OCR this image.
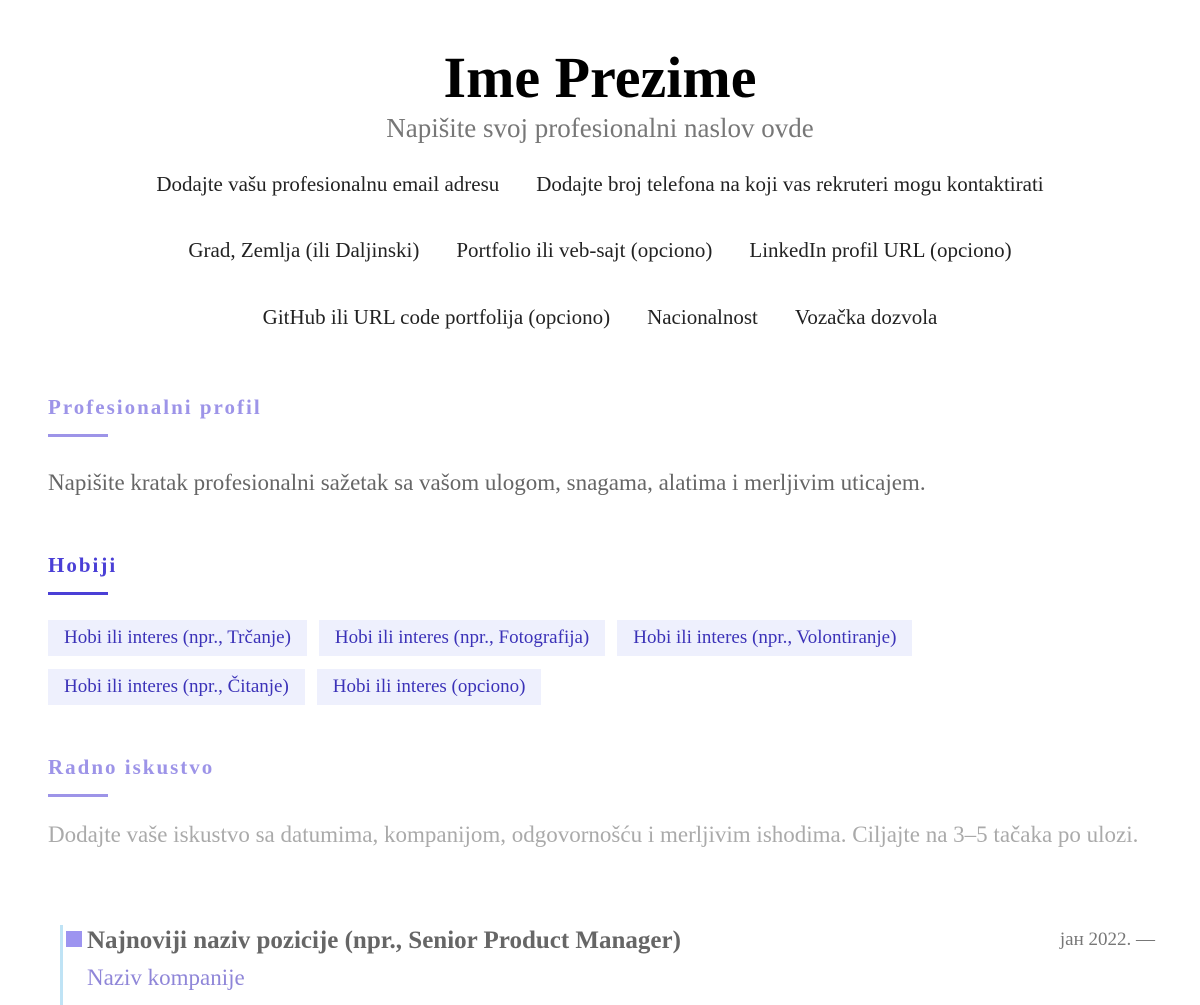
Ime Prezime
Napišite svoj profesionalni naslov ovde
Dodajte vašu profesionalnu email adresu Dodajte broj telefona na koji vas rekruteri mogu kontaktirati
Grad, Zemlja (ili Daljinski) Portfolio ili veb-sajt (opciono) LinkedIn profil URL (opciono)
GitHub ili URL code portfolija (opciono) Nacionalnost Vozačka dozvola
Profesionalni profil
Napišite kratak profesionalni sažetak sa vašom ulogom, snagama, alatima i merljivim uticajem.
Hobiji
Hobi ili interes (npr., Trčanje)	Hobi ili interes (npr., Fotografija)	Hobi ili interes (npr., Volontiranje)
Hobi ili interes (npr., Čitanje)	Hobi ili interes (opciono)
Radno iskustvo
Dodajte vaše iskustvo sa datumima, kompanijom, odgovornošću i merljivim ishodima. Ciljajte na 3–5 tačaka po ulozi.
Najnoviji naziv pozicije (npr., Senior Product Manager)
Naziv kompanije
јан 2022. —
